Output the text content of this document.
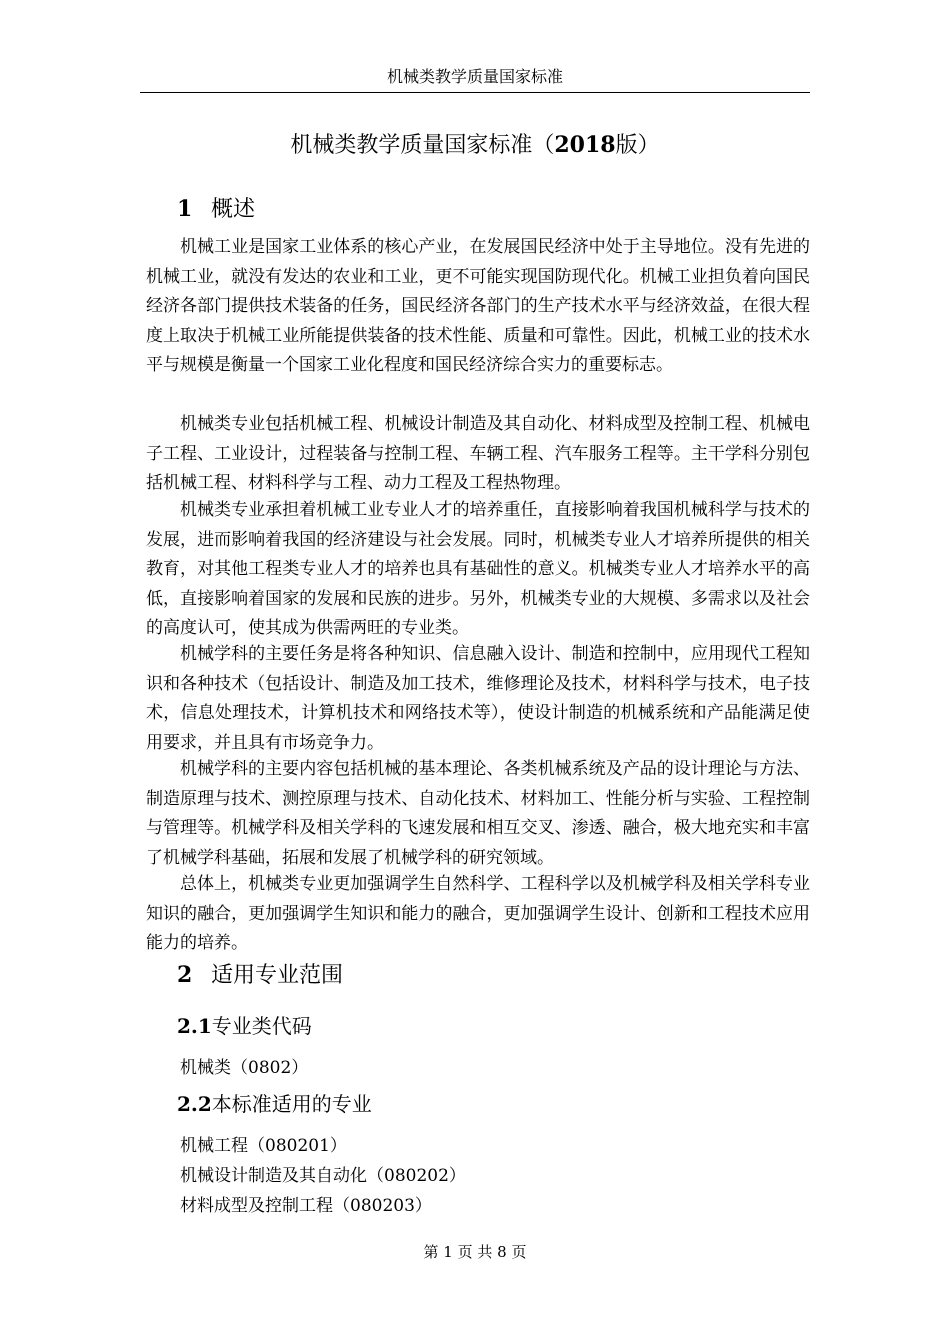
机械类教学质量国家标准
机械类教学质量国家标准（2018版）
1 概述

机械工业是国家工业体系的核心产业，在发展国民经济中处于主导地位。没有先进的机械工业，就没有发达的农业和工业，更不可能实现国防现代化。机械工业担负着向国民经济各部门提供技术装备的任务，国民经济各部门的生产技术水平与经济效益，在很大程度上取决于机械工业所能提供装备的技术性能、质量和可靠性。因此，机械工业的技术水平与规模是衡量一个国家工业化程度和国民经济综合实力的重要标志。

机械类专业包括机械工程、机械设计制造及其自动化、材料成型及控制工程、机械电子工程、工业设计，过程装备与控制工程、车辆工程、汽车服务工程等。主干学科分别包括机械工程、材料科学与工程、动力工程及工程热物理。

机械类专业承担着机械工业专业人才的培养重任，直接影响着我国机械科学与技术的发展，进而影响着我国的经济建设与社会发展。同时，机械类专业人才培养所提供的相关教育，对其他工程类专业人才的培养也具有基础性的意义。机械类专业人才培养水平的高低，直接影响着国家的发展和民族的进步。另外，机械类专业的大规模、多需求以及社会的高度认可，使其成为供需两旺的专业类。

机械学科的主要任务是将各种知识、信息融入设计、制造和控制中，应用现代工程知识和各种技术（包括设计、制造及加工技术，维修理论及技术，材料科学与技术，电子技术，信息处理技术，计算机技术和网络技术等），使设计制造的机械系统和产品能满足使用要求，并且具有市场竞争力。

机械学科的主要内容包括机械的基本理论、各类机械系统及产品的设计理论与方法、制造原理与技术、测控原理与技术、自动化技术、材料加工、性能分析与实验、工程控制与管理等。机械学科及相关学科的飞速发展和相互交叉、渗透、融合，极大地充实和丰富了机械学科基础，拓展和发展了机械学科的研究领域。

总体上，机械类专业更加强调学生自然科学、工程科学以及机械学科及相关学科专业知识的融合，更加强调学生知识和能力的融合，更加强调学生设计、创新和工程技术应用能力的培养。

2 适用专业范围
2.1专业类代码
机械类（0802）
2.2本标准适用的专业
机械工程（080201）
机械设计制造及其自动化（080202）
材料成型及控制工程（080203）
第 1 页 共 8 页
